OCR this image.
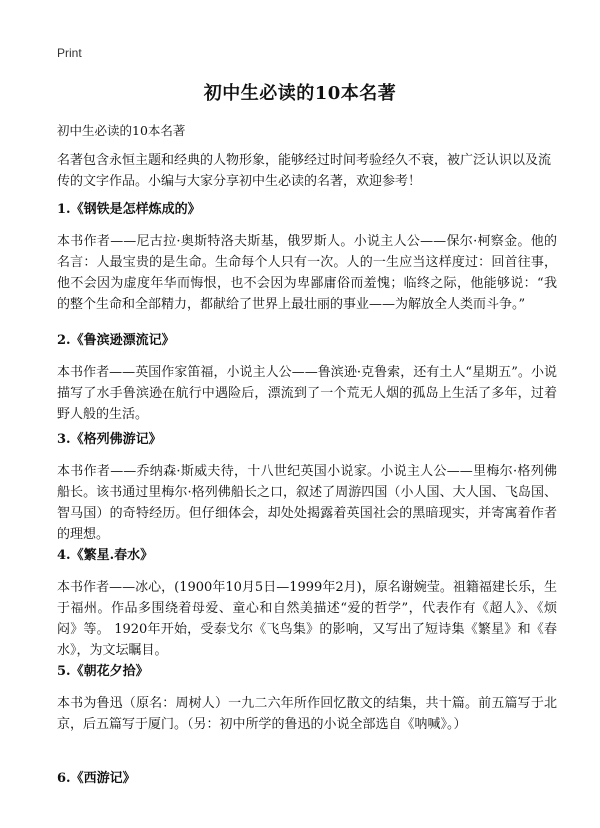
Print
初中生必读的10本名著
初中生必读的10本名著
名著包含永恒主题和经典的人物形象，能够经过时间考验经久不衰，被广泛认识以及流传的文字作品。小编与大家分享初中生必读的名著，欢迎参考！
1.《钢铁是怎样炼成的》
本书作者——尼古拉·奥斯特洛夫斯基，俄罗斯人。小说主人公——保尔·柯察金。他的名言：人最宝贵的是生命。生命每个人只有一次。人的一生应当这样度过：回首往事，他不会因为虚度年华而悔恨，也不会因为卑鄙庸俗而羞愧；临终之际，他能够说：“我的整个生命和全部精力，都献给了世界上最壮丽的事业——为解放全人类而斗争。”
2.《鲁滨逊漂流记》
本书作者——英国作家笛福，小说主人公——鲁滨逊·克鲁索，还有土人“星期五”。小说描写了水手鲁滨逊在航行中遇险后，漂流到了一个荒无人烟的孤岛上生活了多年，过着野人般的生活。
3.《格列佛游记》
本书作者——乔纳森·斯威夫待，十八世纪英国小说家。小说主人公——里梅尔·格列佛船长。该书通过里梅尔·格列佛船长之口，叙述了周游四国（小人国、大人国、飞岛国、智马国）的奇特经历。但仔细体会，却处处揭露着英国社会的黑暗现实，并寄寓着作者的理想。
4.《繁星.春水》
本书作者——冰心，(1900年10月5日—1999年2月)，原名谢婉莹。祖籍福建长乐，生于福州。作品多围绕着母爱、童心和自然美描述“爱的哲学”，代表作有《超人》、《烦闷》等。 1920年开始，受泰戈尔《飞鸟集》的影响，又写出了短诗集《繁星》和《春水》，为文坛瞩目。
5.《朝花夕拾》
本书为鲁迅（原名：周树人）一九二六年所作回忆散文的结集，共十篇。前五篇写于北京，后五篇写于厦门。（另：初中所学的鲁迅的小说全部选自《呐喊》。）
6.《西游记》
